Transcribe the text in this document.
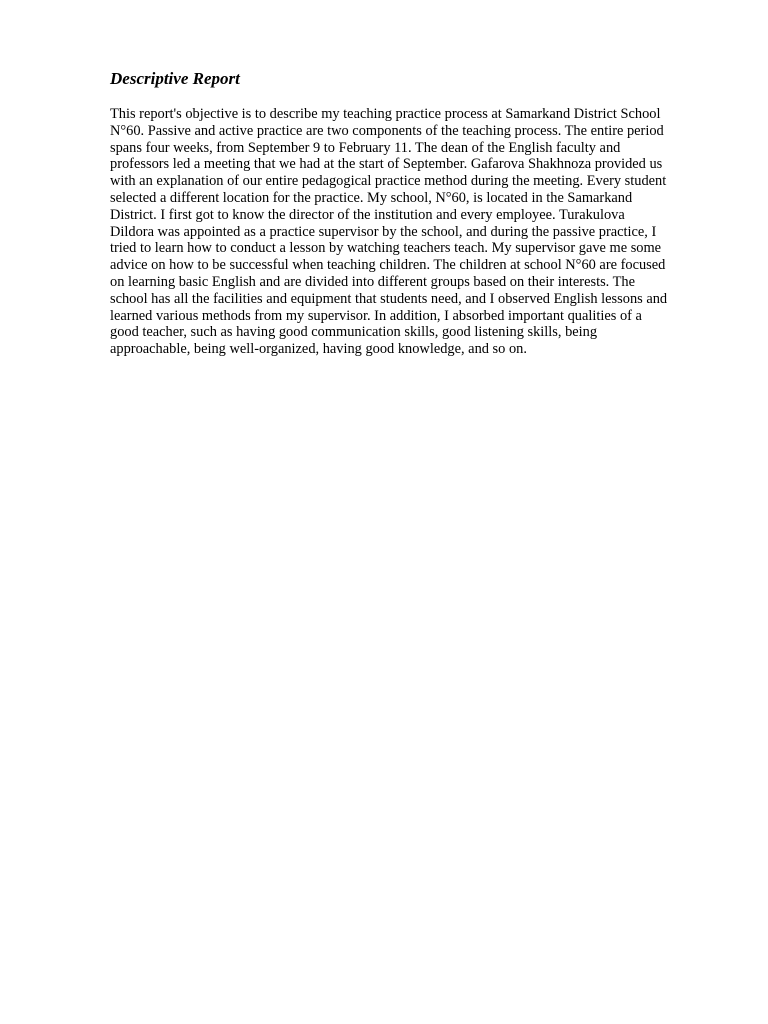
Descriptive Report

This report's objective is to describe my teaching practice process at Samarkand District School
N°60. Passive and active practice are two components of the teaching process. The entire period
spans four weeks, from September 9 to February 11. The dean of the English faculty and
professors led a meeting that we had at the start of September. Gafarova Shakhnoza provided us
with an explanation of our entire pedagogical practice method during the meeting. Every student
selected a different location for the practice. My school, N°60, is located in the Samarkand
District. I first got to know the director of the institution and every employee. Turakulova
Dildora was appointed as a practice supervisor by the school, and during the passive practice, I
tried to learn how to conduct a lesson by watching teachers teach. My supervisor gave me some
advice on how to be successful when teaching children. The children at school N°60 are focused
on learning basic English and are divided into different groups based on their interests. The
school has all the facilities and equipment that students need, and I observed English lessons and
learned various methods from my supervisor. In addition, I absorbed important qualities of a
good teacher, such as having good communication skills, good listening skills, being
approachable, being well-organized, having good knowledge, and so on.
